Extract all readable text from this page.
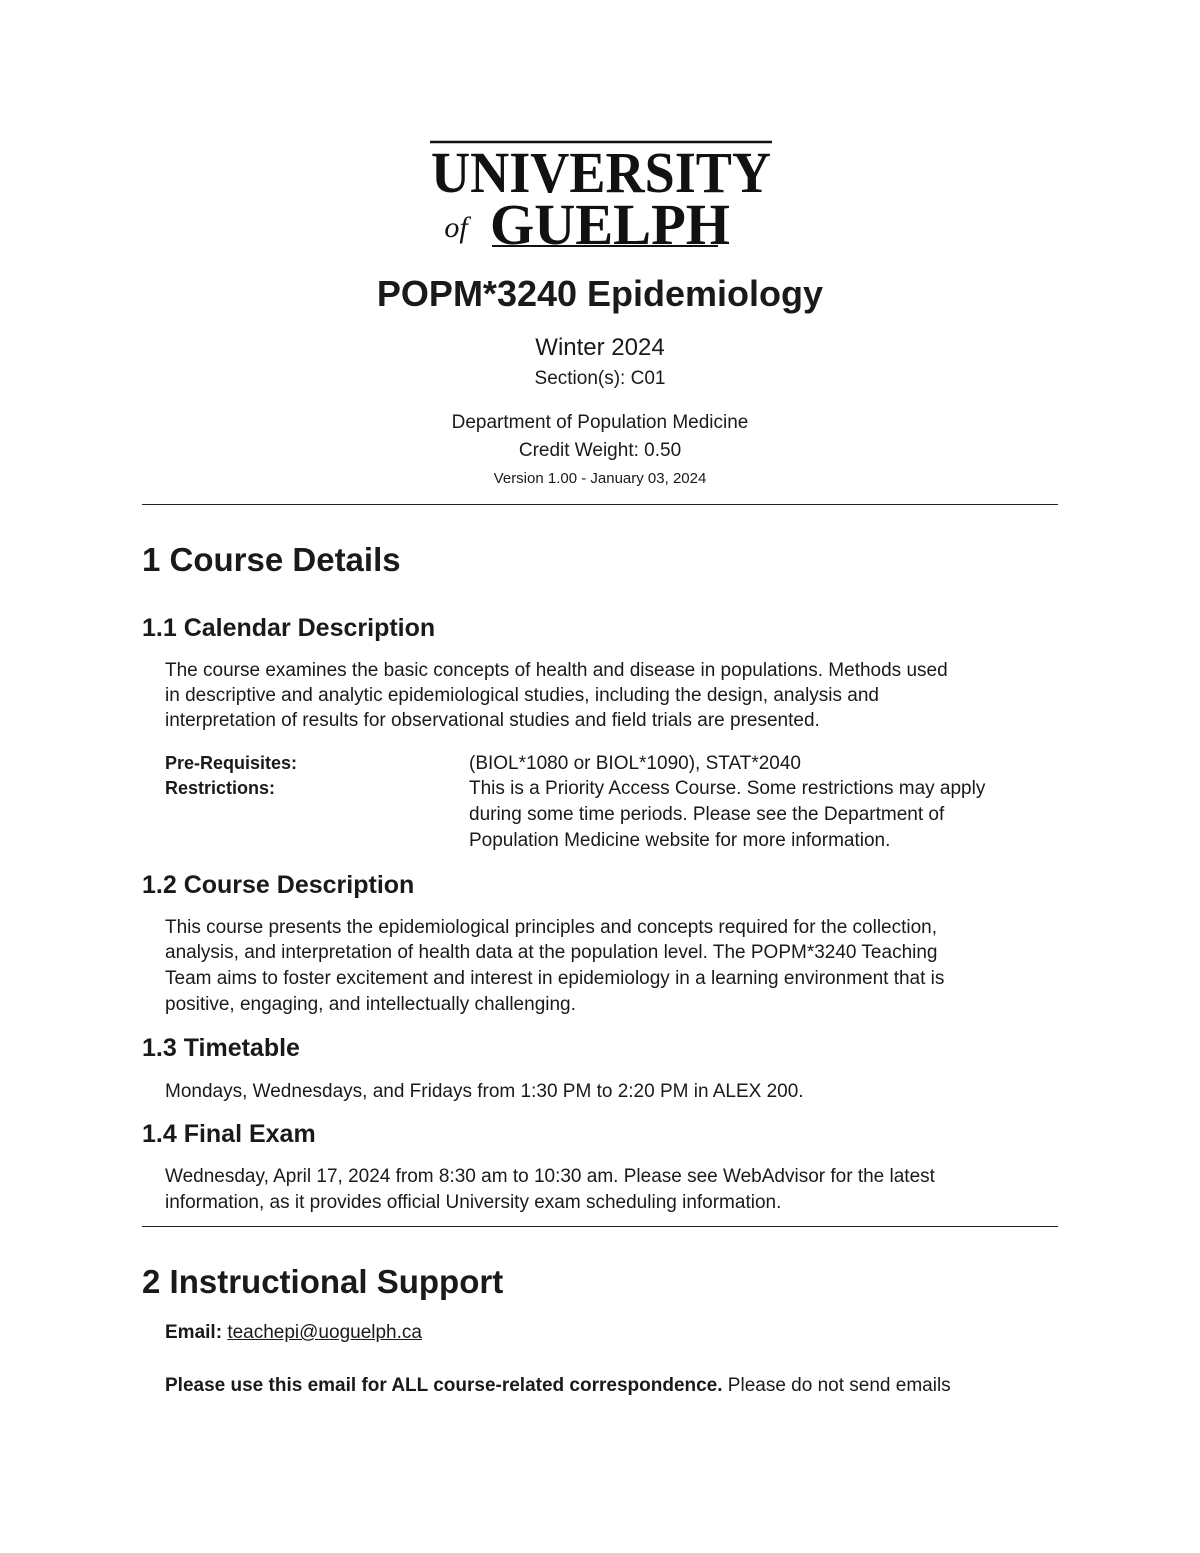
UNIVERSITY
of GUELPH
POPM*3240 Epidemiology
Winter 2024
Section(s): C01
Department of Population Medicine
Credit Weight: 0.50
Version 1.00 - January 03, 2024
1 Course Details
1.1 Calendar Description
The course examines the basic concepts of health and disease in populations. Methods used
in descriptive and analytic epidemiological studies, including the design, analysis and
interpretation of results for observational studies and field trials are presented.
Pre-Requisites:	(BIOL*1080 or BIOL*1090), STAT*2040
Restrictions:	This is a Priority Access Course. Some restrictions may apply
during some time periods. Please see the Department of
Population Medicine website for more information.
1.2 Course Description
This course presents the epidemiological principles and concepts required for the collection,
analysis, and interpretation of health data at the population level. The POPM*3240 Teaching
Team aims to foster excitement and interest in epidemiology in a learning environment that is
positive, engaging, and intellectually challenging.
1.3 Timetable
Mondays, Wednesdays, and Fridays from 1:30 PM to 2:20 PM in ALEX 200.
1.4 Final Exam
Wednesday, April 17, 2024 from 8:30 am to 10:30 am. Please see WebAdvisor for the latest
information, as it provides official University exam scheduling information.
2 Instructional Support
Email: teachepi@uoguelph.ca
Please use this email for ALL course-related correspondence. Please do not send emails
